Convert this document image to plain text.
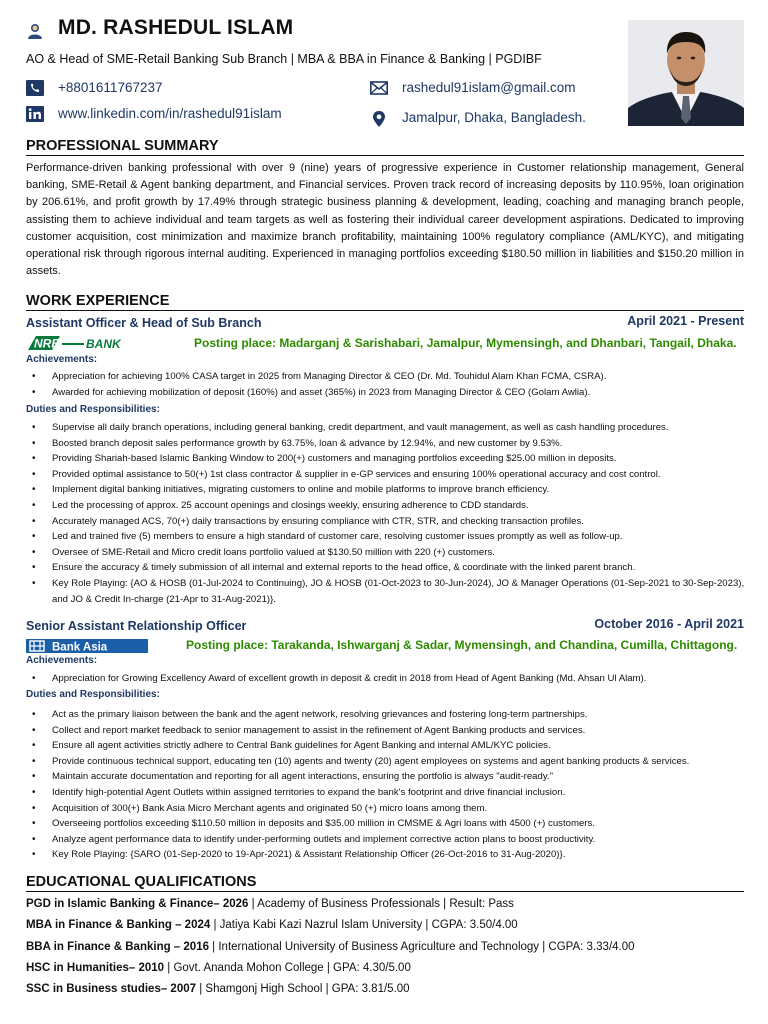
MD. RASHEDUL ISLAM
AO & Head of SME-Retail Banking Sub Branch | MBA & BBA in Finance & Banking | PGDIBF
+8801611767237
www.linkedin.com/in/rashedul91islam
rashedul91islam@gmail.com
Jamalpur, Dhaka, Bangladesh.
PROFESSIONAL SUMMARY
Performance-driven banking professional with over 9 (nine) years of progressive experience in Customer relationship management, General banking, SME-Retail & Agent banking department, and Financial services. Proven track record of increasing deposits by 110.95%, loan origination by 206.61%, and profit growth by 17.49% through strategic business planning & development, leading, coaching and managing branch people, assisting them to achieve individual and team targets as well as fostering their individual career development aspirations. Dedicated to improving customer acquisition, cost minimization and maximize branch profitability, maintaining 100% regulatory compliance (AML/KYC), and mitigating operational risk through rigorous internal auditing. Experienced in managing portfolios exceeding $180.50 million in liabilities and $150.20 million in assets.
WORK EXPERIENCE
Assistant Officer & Head of Sub Branch	April 2021 - Present
NRBC BANK	Posting place: Madarganj & Sarishabari, Jamalpur, Mymensingh, and Dhanbari, Tangail, Dhaka.
Achievements:
• Appreciation for achieving 100% CASA target in 2025 from Managing Director & CEO (Dr. Md. Touhidul Alam Khan FCMA, CSRA).
• Awarded for achieving mobilization of deposit (160%) and asset (365%) in 2023 from Managing Director & CEO (Golam Awlia).
Duties and Responsibilities:
• Supervise all daily branch operations, including general banking, credit department, and vault management, as well as cash handling procedures.
• Boosted branch deposit sales performance growth by 63.75%, loan & advance by 12.94%, and new customer by 9.53%.
• Providing Shariah-based Islamic Banking Window to 200(+) customers and managing portfolios exceeding $25.00 million in deposits.
• Provided optimal assistance to 50(+) 1st class contractor & supplier in e-GP services and ensuring 100% operational accuracy and cost control.
• Implement digital banking initiatives, migrating customers to online and mobile platforms to improve branch efficiency.
• Led the processing of approx. 25 account openings and closings weekly, ensuring adherence to CDD standards.
• Accurately managed ACS, 70(+) daily transactions by ensuring compliance with CTR, STR, and checking transaction profiles.
• Led and trained five (5) members to ensure a high standard of customer care, resolving customer issues promptly as well as follow-up.
• Oversee of SME-Retail and Micro credit loans portfolio valued at $130.50 million with 220 (+) customers.
• Ensure the accuracy & timely submission of all internal and external reports to the head office, & coordinate with the linked parent branch.
• Key Role Playing: {AO & HOSB (01-Jul-2024 to Continuing), JO & HOSB (01-Oct-2023 to 30-Jun-2024), JO & Manager Operations (01-Sep-2021 to 30-Sep-2023), and JO & Credit In-charge (21-Apr to 31-Aug-2021)}.
Senior Assistant Relationship Officer	October 2016 - April 2021
Bank Asia	Posting place: Tarakanda, Ishwarganj & Sadar, Mymensingh, and Chandina, Cumilla, Chittagong.
Achievements:
• Appreciation for Growing Excellency Award of excellent growth in deposit & credit in 2018 from Head of Agent Banking (Md. Ahsan Ul Alam).
Duties and Responsibilities:
• Act as the primary liaison between the bank and the agent network, resolving grievances and fostering long-term partnerships.
• Collect and report market feedback to senior management to assist in the refinement of Agent Banking products and services.
• Ensure all agent activities strictly adhere to Central Bank guidelines for Agent Banking and internal AML/KYC policies.
• Provide continuous technical support, educating ten (10) agents and twenty (20) agent employees on systems and agent banking products & services.
• Maintain accurate documentation and reporting for all agent interactions, ensuring the portfolio is always "audit-ready."
• Identify high-potential Agent Outlets within assigned territories to expand the bank's footprint and drive financial inclusion.
• Acquisition of 300(+) Bank Asia Micro Merchant agents and originated 50 (+) micro loans among them.
• Overseeing portfolios exceeding $110.50 million in deposits and $35.00 million in CMSME & Agri loans with 4500 (+) customers.
• Analyze agent performance data to identify under-performing outlets and implement corrective action plans to boost productivity.
• Key Role Playing: {SARO (01-Sep-2020 to 19-Apr-2021) & Assistant Relationship Officer (26-Oct-2016 to 31-Aug-2020)}.
EDUCATIONAL QUALIFICATIONS
PGD in Islamic Banking & Finance– 2026 | Academy of Business Professionals | Result: Pass
MBA in Finance & Banking – 2024 | Jatiya Kabi Kazi Nazrul Islam University | CGPA: 3.50/4.00
BBA in Finance & Banking – 2016 | International University of Business Agriculture and Technology | CGPA: 3.33/4.00
HSC in Humanities– 2010 | Govt. Ananda Mohon College | GPA: 4.30/5.00
SSC in Business studies– 2007 | Shamgonj High School | GPA: 3.81/5.00
